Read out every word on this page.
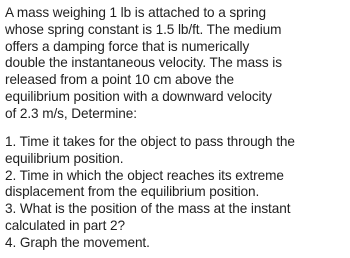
A mass weighing 1 lb is attached to a spring
whose spring constant is 1.5 lb/ft. The medium
offers a damping force that is numerically
double the instantaneous velocity. The mass is
released from a point 10 cm above the
equilibrium position with a downward velocity
of 2.3 m/s, Determine:

1. Time it takes for the object to pass through the
equilibrium position.
2. Time in which the object reaches its extreme
displacement from the equilibrium position.
3. What is the position of the mass at the instant
calculated in part 2?
4. Graph the movement.
